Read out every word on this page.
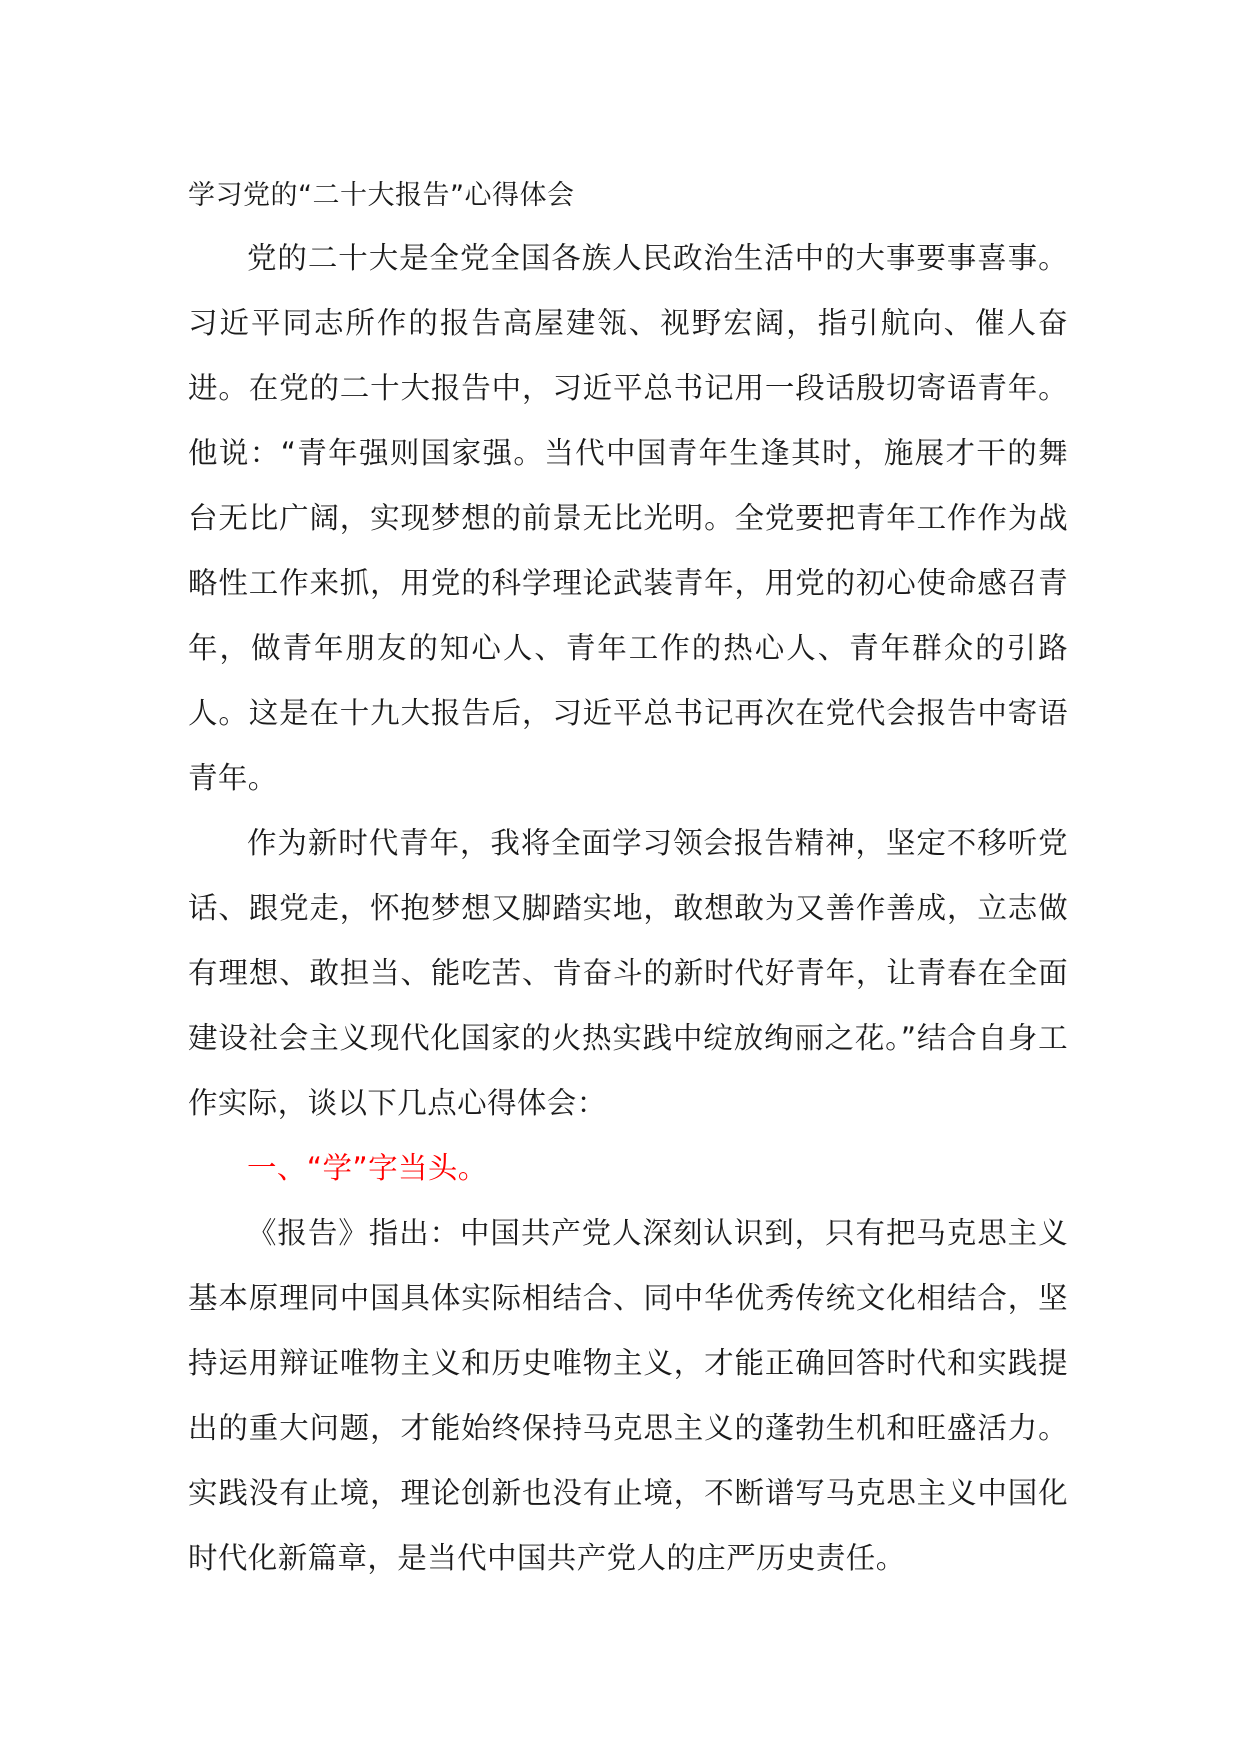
学习党的“二十大报告”心得体会

党的二十大是全党全国各族人民政治生活中的大事要事喜事。习近平同志所作的报告高屋建瓴、视野宏阔，指引航向、催人奋进。在党的二十大报告中，习近平总书记用一段话殷切寄语青年。他说：“青年强则国家强。当代中国青年生逢其时，施展才干的舞台无比广阔，实现梦想的前景无比光明。全党要把青年工作作为战略性工作来抓，用党的科学理论武装青年，用党的初心使命感召青年，做青年朋友的知心人、青年工作的热心人、青年群众的引路人。这是在十九大报告后，习近平总书记再次在党代会报告中寄语青年。

作为新时代青年，我将全面学习领会报告精神，坚定不移听党话、跟党走，怀抱梦想又脚踏实地，敢想敢为又善作善成，立志做有理想、敢担当、能吃苦、肯奋斗的新时代好青年，让青春在全面建设社会主义现代化国家的火热实践中绽放绚丽之花。”结合自身工作实际，谈以下几点心得体会：

一、“学”字当头。

《报告》指出：中国共产党人深刻认识到，只有把马克思主义基本原理同中国具体实际相结合、同中华优秀传统文化相结合，坚持运用辩证唯物主义和历史唯物主义，才能正确回答时代和实践提出的重大问题，才能始终保持马克思主义的蓬勃生机和旺盛活力。实践没有止境，理论创新也没有止境，不断谱写马克思主义中国化时代化新篇章，是当代中国共产党人的庄严历史责任。
